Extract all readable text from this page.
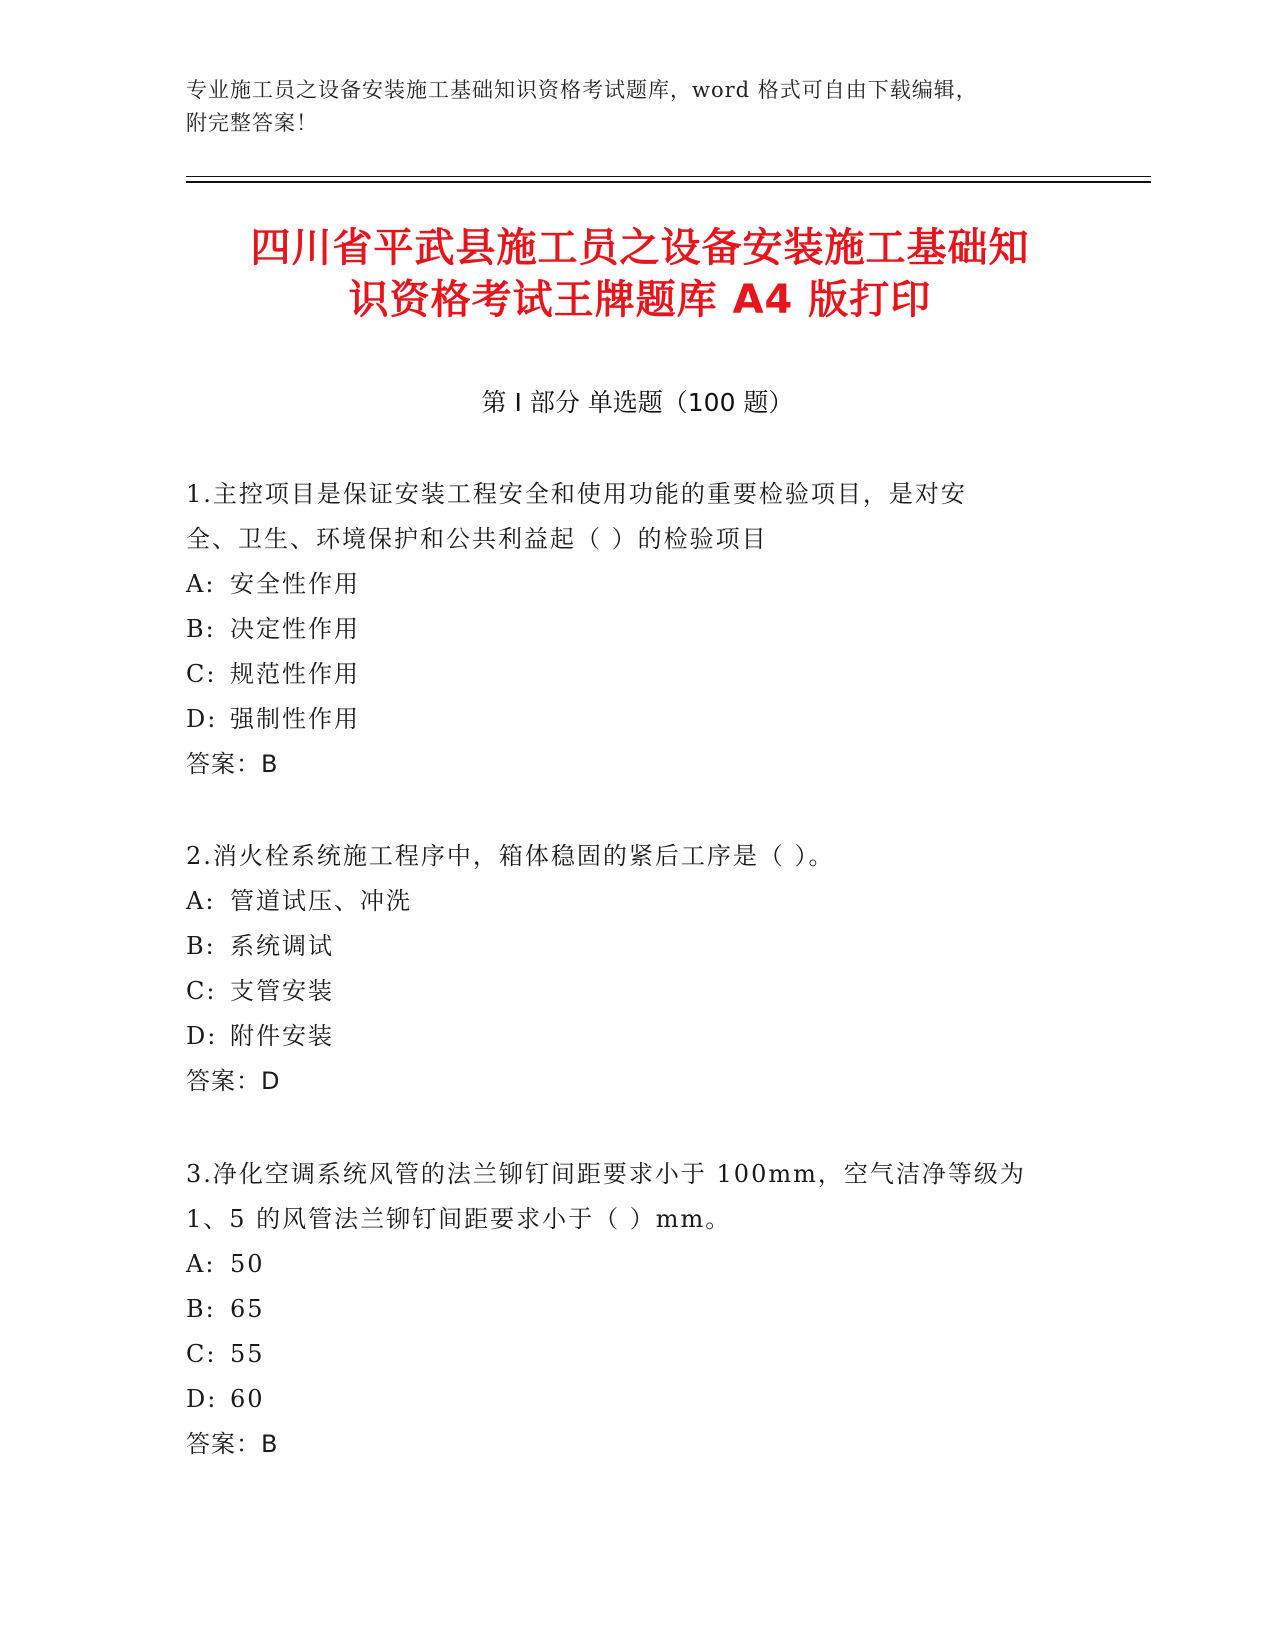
专业施工员之设备安装施工基础知识资格考试题库，word 格式可自由下载编辑，
附完整答案！
四川省平武县施工员之设备安装施工基础知
识资格考试王牌题库 A4 版打印
第 I 部分 单选题（100 题）

1.主控项目是保证安装工程安全和使用功能的重要检验项目，是对安

全、卫生、环境保护和公共利益起（ ）的检验项目

A: 安全性作用

B: 决定性作用

C: 规范性作用

D: 强制性作用

答案：B

2.消火栓系统施工程序中，箱体稳固的紧后工序是（ ）。

A: 管道试压、冲洗

B: 系统调试

C: 支管安装

D: 附件安装

答案：D

3.净化空调系统风管的法兰铆钉间距要求小于 100mm，空气洁净等级为

1、5 的风管法兰铆钉间距要求小于（ ）mm。

A: 50

B: 65

C: 55

D: 60

答案：B
